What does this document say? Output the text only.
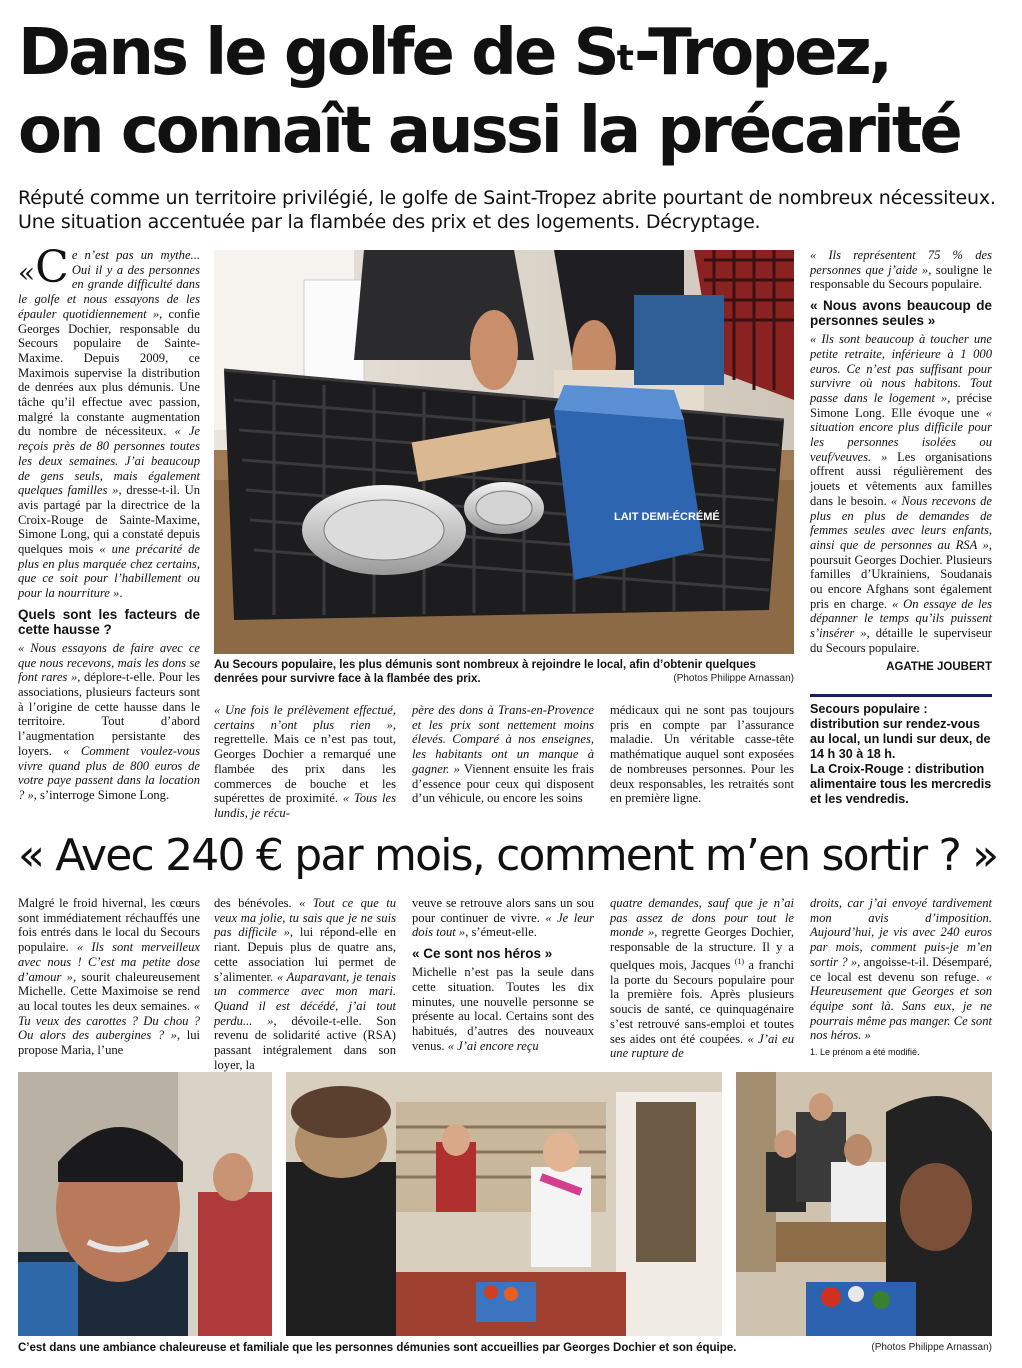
Dans le golfe de $S^t$-Tropez,
on connaît aussi la précarité
Réputé comme un territoire privilégié, le golfe de Saint-Tropez abrite pourtant de nombreux nécessiteux. Une situation accentuée par la flambée des prix et des logements. Décryptage.

«C e n’est pas un mythe... Oui il y a des personnes en grande difficulté dans le golfe et nous essayons de les épauler quotidiennement », confie Georges Dochier, responsable du Secours populaire de Sainte-Maxime. Depuis 2009, ce Maximois supervise la distribution de denrées aux plus démunis. Une tâche qu’il effectue avec passion, malgré la constante augmentation du nombre de nécessiteux. « Je reçois près de 80 personnes toutes les deux semaines. J’ai beaucoup de gens seuls, mais également quelques familles », dresse-t-il. Un avis partagé par la directrice de la Croix-Rouge de Sainte-Maxime, Simone Long, qui a constaté depuis quelques mois « une précarité de plus en plus marquée chez certains, que ce soit pour l’habillement ou pour la nourriture ».

Quels sont les facteurs de cette hausse ?

« Nous essayons de faire avec ce que nous recevons, mais les dons se font rares », déplore-t-elle. Pour les associations, plusieurs facteurs sont à l’origine de cette hausse dans le territoire. Tout d’abord l’augmentation persistante des loyers. « Comment voulez-vous vivre quand plus de 800 euros de votre paye passent dans la location ? », s’interroge Simone Long.

LAIT DEMI-ÉCRÉMÉ
Au Secours populaire, les plus démunis sont nombreux à rejoindre le local, afin d’obtenir quelques denrées pour survivre face à la flambée des prix.	(Photos Philippe Arnassan)

« Une fois le prélèvement effectué, certains n’ont plus rien », regrettelle. Mais ce n’est pas tout, Georges Dochier a remarqué une flambée des prix dans les commerces de bouche et les supérettes de proximité. « Tous les lundis, je récu-

père des dons à Trans-en-Provence et les prix sont nettement moins élevés. Comparé à nos enseignes, les habitants ont un manque à gagner. » Viennent ensuite les frais d’essence pour ceux qui disposent d’un véhicule, ou encore les soins

médicaux qui ne sont pas toujours pris en compte par l’assurance maladie. Un véritable casse-tête mathématique auquel sont exposées de nombreuses personnes. Pour les deux responsables, les retraités sont en première ligne.

« Ils représentent 75 % des personnes que j’aide », souligne le responsable du Secours populaire.

« Nous avons beaucoup de personnes seules »

« Ils sont beaucoup à toucher une petite retraite, inférieure à 1 000 euros. Ce n’est pas suffisant pour survivre où nous habitons. Tout passe dans le logement », précise Simone Long. Elle évoque une « situation encore plus difficile pour les personnes isolées ou veuf/veuves. » Les organisations offrent aussi régulièrement des jouets et vêtements aux familles dans le besoin. « Nous recevons de plus en plus de demandes de femmes seules avec leurs enfants, ainsi que de personnes au RSA », poursuit Georges Dochier. Plusieurs familles d’Ukrainiens, Soudanais ou encore Afghans sont également pris en charge. « On essaye de les dépanner le temps qu’ils puissent s’insérer », détaille le superviseur du Secours populaire.

AGATHE JOUBERT
Secours populaire : distribution sur rendez-vous au local, un lundi sur deux, de 14 h 30 à 18 h.
La Croix-Rouge : distribution alimentaire tous les mercredis et les vendredis.
« Avec 240 € par mois, comment m’en sortir ? »

Malgré le froid hivernal, les cœurs sont immédiatement réchauffés une fois entrés dans le local du Secours populaire. « Ils sont merveilleux avec nous ! C’est ma petite dose d’amour », sourit chaleureusement Michelle. Cette Maximoise se rend au local toutes les deux semaines. « Tu veux des carottes ? Du chou ? Ou alors des aubergines ? », lui propose Maria, l’une

des bénévoles. « Tout ce que tu veux ma jolie, tu sais que je ne suis pas difficile », lui répond-elle en riant. Depuis plus de quatre ans, cette association lui permet de s’alimenter. « Auparavant, je tenais un commerce avec mon mari. Quand il est décédé, j’ai tout perdu... », dévoile-t-elle. Son revenu de solidarité active (RSA) passant intégralement dans son loyer, la

veuve se retrouve alors sans un sou pour continuer de vivre. « Je leur dois tout », s’émeut-elle.

« Ce sont nos héros »

Michelle n’est pas la seule dans cette situation. Toutes les dix minutes, une nouvelle personne se présente au local. Certains sont des habitués, d’autres des nouveaux venus. « J’ai encore reçu

quatre demandes, sauf que je n’ai pas assez de dons pour tout le monde », regrette Georges Dochier, responsable de la structure. Il y a quelques mois, Jacques $^{(1)}$ a franchi la porte du Secours populaire pour la première fois. Après plusieurs soucis de santé, ce quinquagénaire s’est retrouvé sans-emploi et toutes ses aides ont été coupées. « J’ai eu une rupture de

droits, car j’ai envoyé tardivement mon avis d’imposition. Aujourd’hui, je vis avec 240 euros par mois, comment puis-je m’en sortir ? », angoisse-t-il. Désemparé, ce local est devenu son refuge. « Heureusement que Georges et son équipe sont là. Sans eux, je ne pourrais même pas manger. Ce sont nos héros. »

1. Le prénom a été modifié.
C’est dans une ambiance chaleureuse et familiale que les personnes démunies sont accueillies par Georges Dochier et son équipe.	(Photos Philippe Arnassan)
